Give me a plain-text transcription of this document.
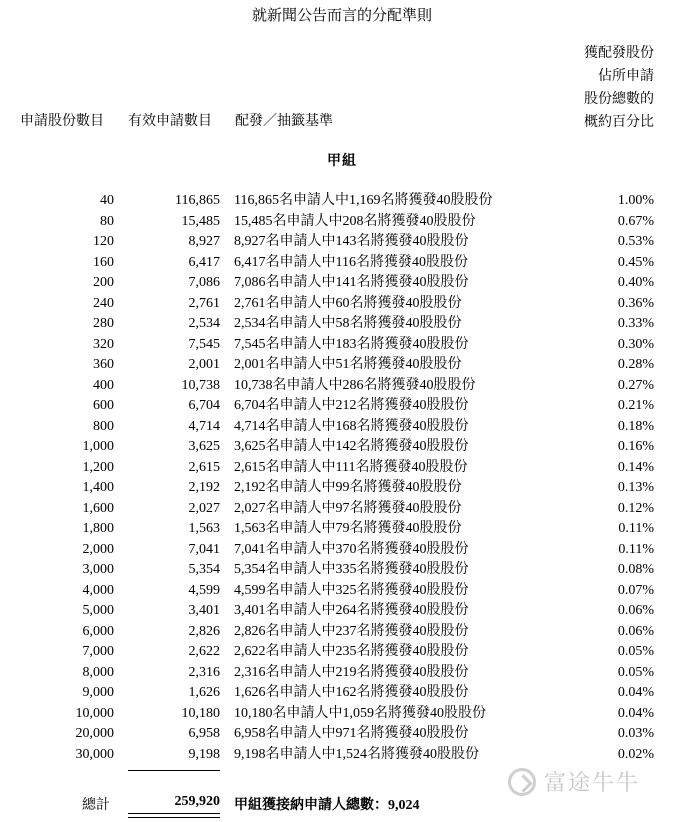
就新聞公告而言的分配準則
申請股份數目 有效申請數目 配發／抽籤基準
獲配發股份
佔所申請
股份總數的
概約百分比
甲組
40	116,865 116,865名申請人中1,169名將獲發40股股份	1.00%
80	15,485 15,485名申請人中208名將獲發40股股份	0.67%
120	8,927 8,927名申請人中143名將獲發40股股份	0.53%
160	6,417 6,417名申請人中116名將獲發40股股份	0.45%
200	7,086 7,086名申請人中141名將獲發40股股份	0.40%
240	2,761 2,761名申請人中60名將獲發40股股份	0.36%
280	2,534 2,534名申請人中58名將獲發40股股份	0.33%
320	7,545 7,545名申請人中183名將獲發40股股份	0.30%
360	2,001 2,001名申請人中51名將獲發40股股份	0.28%
400	10,738 10,738名申請人中286名將獲發40股股份	0.27%
600	6,704 6,704名申請人中212名將獲發40股股份	0.21%
800	4,714 4,714名申請人中168名將獲發40股股份	0.18%
1,000	3,625 3,625名申請人中142名將獲發40股股份	0.16%
1,200	2,615 2,615名申請人中111名將獲發40股股份	0.14%
1,400	2,192 2,192名申請人中99名將獲發40股股份	0.13%
1,600	2,027 2,027名申請人中97名將獲發40股股份	0.12%
1,800	1,563 1,563名申請人中79名將獲發40股股份	0.11%
2,000	7,041 7,041名申請人中370名將獲發40股股份	0.11%
3,000	5,354 5,354名申請人中335名將獲發40股股份	0.08%
4,000	4,599 4,599名申請人中325名將獲發40股股份	0.07%
5,000	3,401 3,401名申請人中264名將獲發40股股份	0.06%
6,000	2,826 2,826名申請人中237名將獲發40股股份	0.06%
7,000	2,622 2,622名申請人中235名將獲發40股股份	0.05%
8,000	2,316 2,316名申請人中219名將獲發40股股份	0.05%
9,000	1,626 1,626名申請人中162名將獲發40股股份	0.04%
10,000	10,180 10,180名申請人中1,059名將獲發40股股份	0.04%
20,000	6,958 6,958名申請人中971名將獲發40股股份	0.03%
30,000	9,198 9,198名申請人中1,524名將獲發40股股份	0.02%
總計	259,920 甲組獲接納申請人總數：9,024
富途牛牛
